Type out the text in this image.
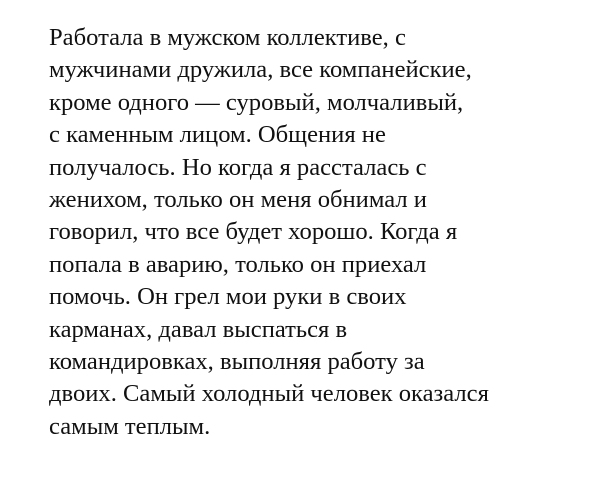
Работала в мужском коллективе, с
мужчинами дружила, все компанейские,
кроме одного — суровый, молчаливый,
с каменным лицом. Общения не
получалось. Но когда я рассталась с
женихом, только он меня обнимал и
говорил, что все будет хорошо. Когда я
попала в аварию, только он приехал
помочь. Он грел мои руки в своих
карманах, давал выспаться в
командировках, выполняя работу за
двоих. Самый холодный человек оказался
самым теплым.
